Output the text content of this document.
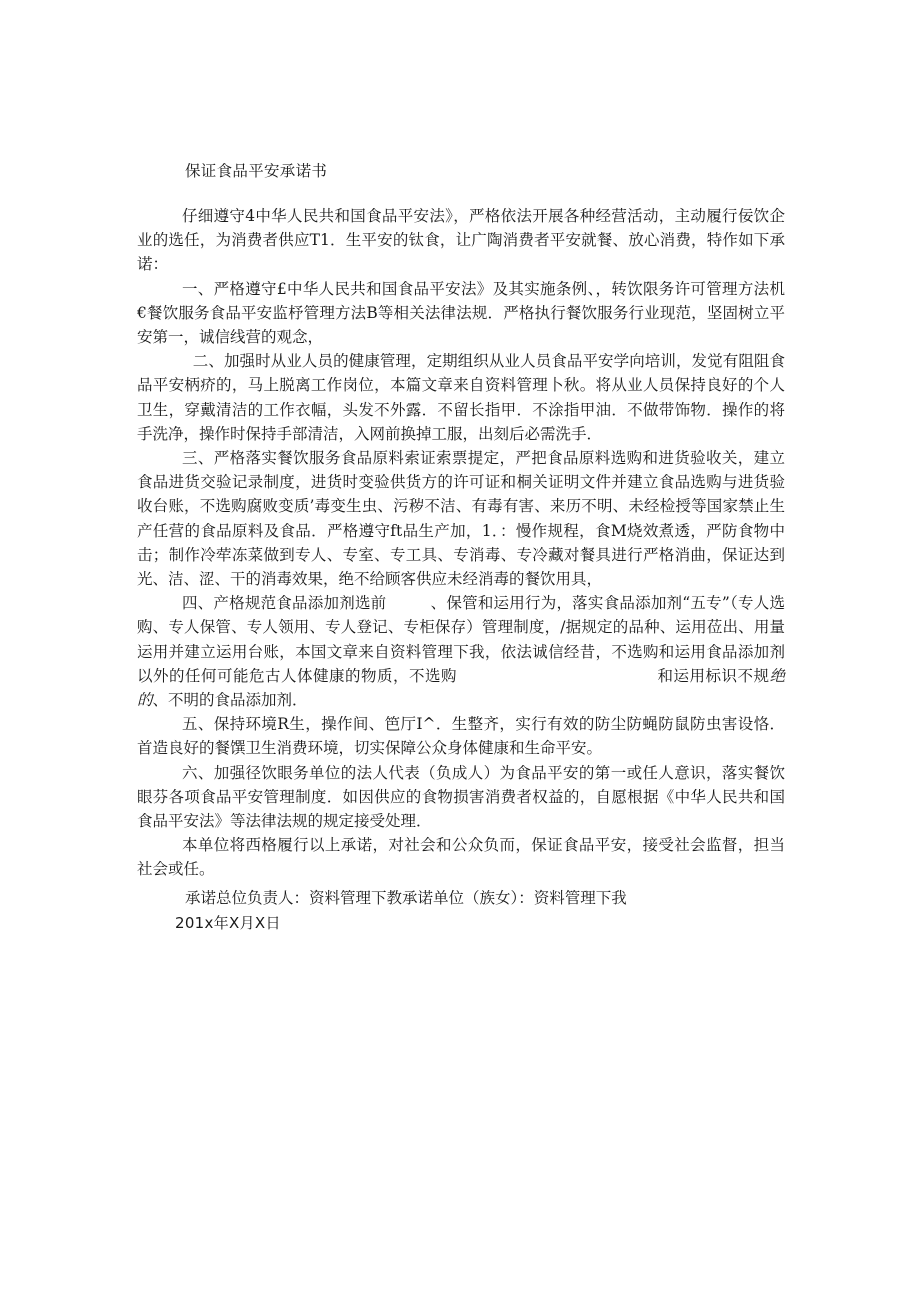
保证食品平安承诺书

仔细遵守4中华人民共和国食品平安法》，严格依法开展各种经营活动，主动履行佞饮企业的选任，为消费者供应T1．生平安的钛食，让广陶消费者平安就餐、放心消费，特作如下承诺：

一、严格遵守£中华人民共和国食品平安法》及其实施条例、，转饮限务许可管理方法机€餐饮服务食品平安监杼管理方法B等相关法律法规．严格执行餐饮服务行业现范，坚固树立平安第一，诚信线营的观念，

二、加强时从业人员的健康管理，定期组织从业人员食品平安学向培训，发觉有阻阻食品平安柄疥的，马上脱离工作岗位，本篇文章来自资料管理卜秋。将从业人员保持良好的个人卫生，穿戴清洁的工作衣幅，头发不外露．不留长指甲．不涂指甲油．不做带饰物．操作的将手洗净，操作时保持手部清洁，入网前换掉工服，出刻后必需洗手．

三、严格落实餐饮服务食品原料索证索票提定，严把食品原料选购和进货验收关，建立食品进货交验记录制度，进货时变验供货方的许可证和桐关证明文件并建立食品选购与进货验收台账，不选购腐败变质’毒变生虫、污秽不洁、有毒有害、来历不明、未经检授等国家禁止生产任营的食品原料及食品．严格遵守ft品生产加，1．：慢作规程，食M烧效煮透，严防食物中击；制作冷荦冻菜做到专人、专室、专工具、专消毒、专冷藏对餐具进行严格消曲，保证达到光、洁、涩、干的消毒效果，绝不给顾客供应未经消毒的餐饮用具，

四、产格规范食品添加剂选前	、保管和运用行为，落实食品添加剂“五专”（专人选购、专人保管、专人领用、专人登记、专柜保存）管理制度，/据规定的品种、运用莅出、用量运用并建立运用台账，本国文章来自资料管理下我，依法诚信经昔，不选购和运用食品添加剂以外的任何可能危古人体健康的物质，不选购	和运用标识不规绝的、不明的食品添加剂．

五、保持环境R生，操作间、笆厅I^．生整齐，实行有效的防尘防蝇防鼠防虫害设恪．首造良好的餐馔卫生消费环境，切实保障公众身体健康和生命平安。

六、加强径饮眼务单位的法人代表（负成人）为食品平安的第一或任人意识，落实餐饮眼芬各项食品平安管理制度．如因供应的食物损害消费者权益的，自愿根据《中华人民共和国食品平安法》等法律法规的规定接受处理．

本单位将西格履行以上承诺，对社会和公众负而，保证食品平安，接受社会监督，担当社会或任。

承诺总位负责人：资料管理下教承诺单位（族女）：资料管理下我
201x年X月X日
